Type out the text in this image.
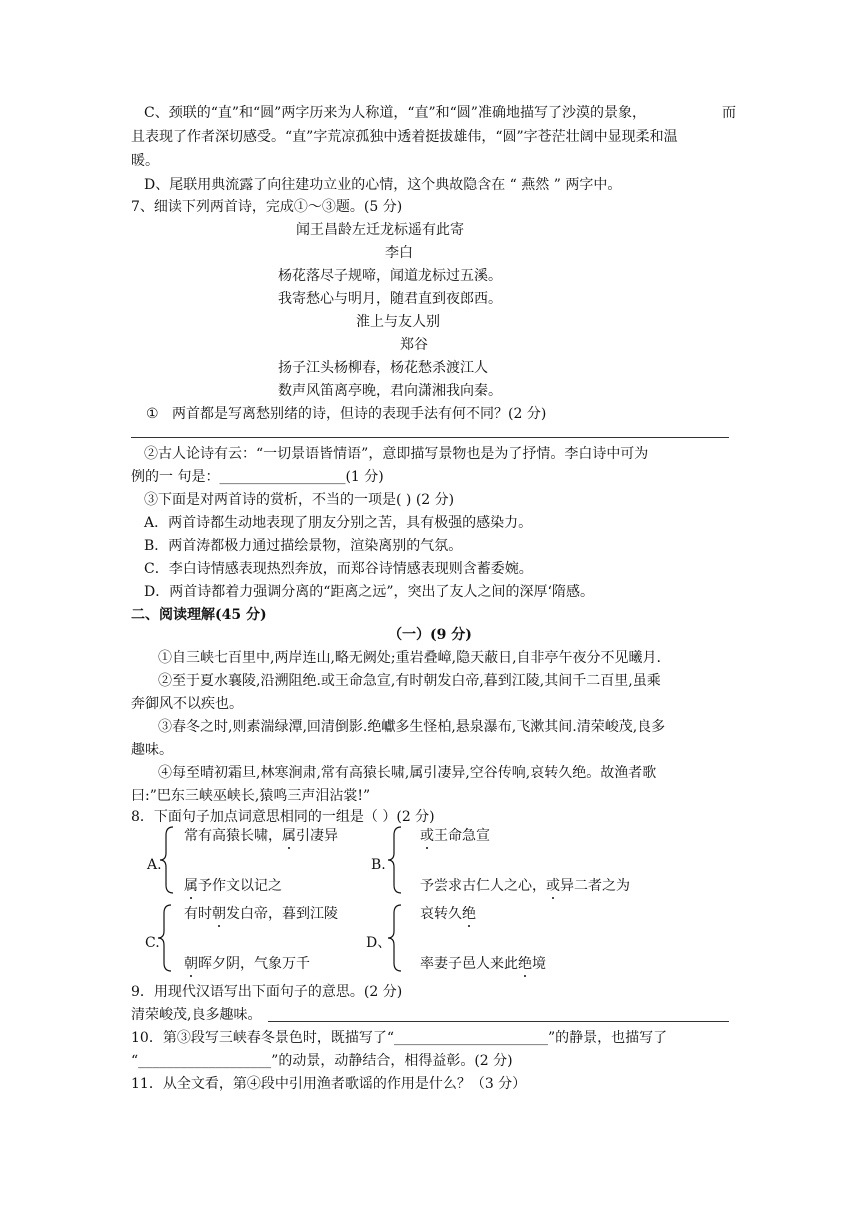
C、颈联的“直”和“圆”两字历来为人称道，“直”和“圆”准确地描写了沙漠的景象，	而
且表现了作者深切感受。“直”字荒凉孤独中透着挺拔雄伟，“圆”字苍茫壮阔中显现柔和温
暖。
D、尾联用典流露了向往建功立业的心情，这个典故隐含在 “ 燕然 ” 两字中。
7、细读下列两首诗，完成①～③题。(5 分)
闻王昌龄左迁龙标遥有此寄
李白
杨花落尽子规啼，闻道龙标过五溪。
我寄愁心与明月，随君直到夜郎西。
淮上与友人别
郑谷
扬子江头杨柳春，杨花愁杀渡江人
数声风笛离亭晚，君向潇湘我向秦。
① 两首都是写离愁别绪的诗，但诗的表现手法有何不同？(2 分)
②古人论诗有云：“一切景语皆情语”，意即描写景物也是为了抒情。李白诗中可为
例的一 句是：__________________(1 分)
③下面是对两首诗的赏析，不当的一项是( ) (2 分)
A．两首诗都生动地表现了朋友分别之苦，具有极强的感染力。
B．两首涛都极力通过描绘景物，渲染离别的气氛。
C．李白诗情感表现热烈奔放，而郑谷诗情感表现则含蓄委婉。
D．两首诗都着力强调分离的“距离之远”，突出了友人之间的深厚‘隋感。
二、阅读理解(45 分)
（一）(9 分)
①自三峡七百里中,两岸连山,略无阙处;重岩叠嶂,隐天蔽日,自非亭午夜分不见曦月.
②至于夏水襄陵,沿溯阻绝.或王命急宣,有时朝发白帝,暮到江陵,其间千二百里,虽乘
奔御风不以疾也。
③春冬之时,则素湍绿潭,回清倒影.绝巘多生怪柏,悬泉瀑布,飞漱其间.清荣峻茂,良多
趣味。
④每至晴初霜旦,林寒涧肃,常有高猿长啸,属引凄异,空谷传响,哀转久绝。故渔者歌
曰:”巴东三峡巫峡长,猿鸣三声泪沾裳!”
8．下面句子加点词意思相同的一组是（ ）(2 分)
A.
常有高猿长啸，属引凄异
属予作文以记之
B.
或王命急宣
予尝求古仁人之心，或异二者之为
C.
有时朝发白帝，暮到江陵
朝晖夕阴，气象万千
D、
哀转久绝
率妻子邑人来此绝境
9．用现代汉语写出下面句子的意思。(2 分)
清荣峻茂,良多趣味。
10．第③段写三峡春冬景色时，既描写了“______________________”的静景，也描写了
“___________________”的动景，动静结合，相得益彰。(2 分)
11．从全文看，第④段中引用渔者歌谣的作用是什么？（3 分）
